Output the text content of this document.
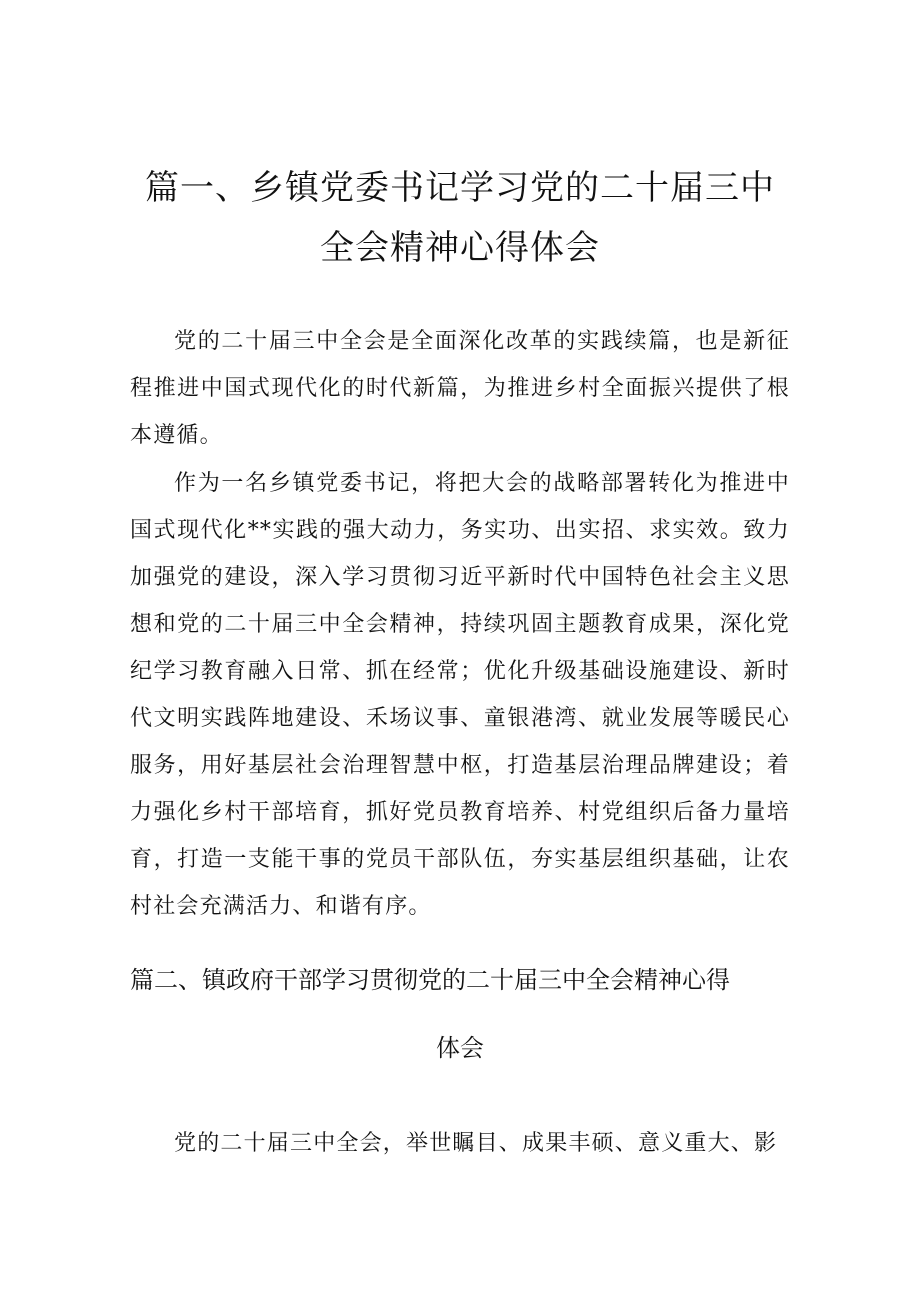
篇一、乡镇党委书记学习党的二十届三中全会精神心得体会

党的二十届三中全会是全面深化改革的实践续篇，也是新征程推进中国式现代化的时代新篇，为推进乡村全面振兴提供了根本遵循。

作为一名乡镇党委书记，将把大会的战略部署转化为推进中国式现代化**实践的强大动力，务实功、出实招、求实效。致力加强党的建设，深入学习贯彻习近平新时代中国特色社会主义思想和党的二十届三中全会精神，持续巩固主题教育成果，深化党纪学习教育融入日常、抓在经常；优化升级基础设施建设、新时代文明实践阵地建设、禾场议事、童银港湾、就业发展等暖民心服务，用好基层社会治理智慧中枢，打造基层治理品牌建设；着力强化乡村干部培育，抓好党员教育培养、村党组织后备力量培育，打造一支能干事的党员干部队伍，夯实基层组织基础，让农村社会充满活力、和谐有序。

篇二、镇政府干部学习贯彻党的二十届三中全会精神心得
体会

党的二十届三中全会，举世瞩目、成果丰硕、意义重大、影
